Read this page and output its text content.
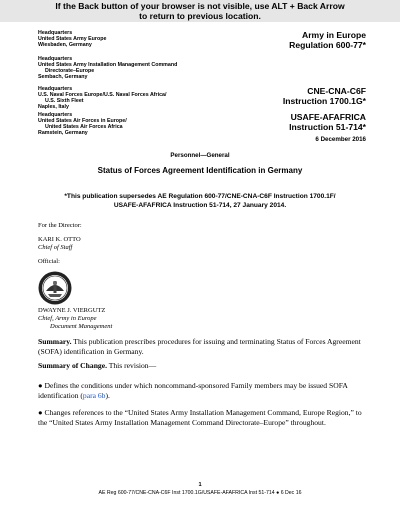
If the Back button of your browser is not visible, use ALT + Back Arrow
to return to previous location.
Headquarters
United States Army Europe
Wiesbaden, Germany
Headquarters
United States Army Installation Management Command
Directorate–Europe
Sembach, Germany
Headquarters
U.S. Naval Forces Europe/U.S. Naval Forces Africa/
U.S. Sixth Fleet
Naples, Italy
Headquarters
United States Air Forces in Europe/
United States Air Forces Africa
Ramstein, Germany
Army in Europe
Regulation 600-77*
CNE-CNA-C6F
Instruction 1700.1G*
USAFE-AFAFRICA
Instruction 51-714*
6 December 2016
Personnel—General
Status of Forces Agreement Identification in Germany
*This publication supersedes AE Regulation 600-77/CNE-CNA-C6F Instruction 1700.1F/ USAFE-AFAFRICA Instruction 51-714, 27 January 2014.
For the Director:
KARI K. OTTO
Chief of Staff
Official:
DWAYNE J. VIERGUTZ
Chief, Army in Europe
Document Management
Summary. This publication prescribes procedures for issuing and terminating Status of Forces Agreement (SOFA) identification in Germany.
Summary of Change. This revision—
● Defines the conditions under which noncommand-sponsored Family members may be issued SOFA identification (para 6b).
● Changes references to the “United States Army Installation Management Command, Europe Region,” to the “United States Army Installation Management Command Directorate–Europe” throughout.
1
AE Reg 600-77/CNE-CNA-C6F Inst 1700.1G/USAFE-AFAFRICA Inst 51-714 ● 6 Dec 16
